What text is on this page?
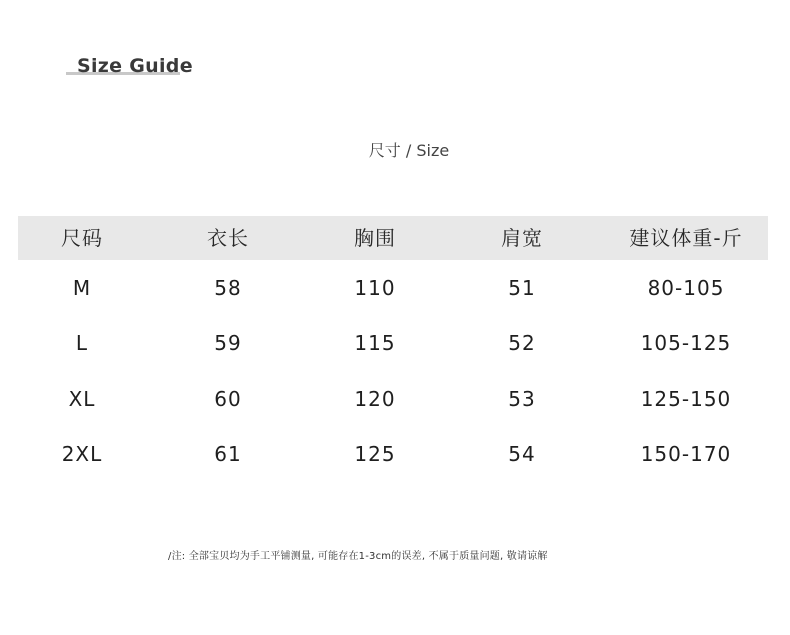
Size Guide
尺寸 / Size
尺码	衣长	胸围	肩宽	建议体重-斤
M	58	110	51	80-105
L	59	115	52	105-125
XL	60	120	53	125-150
2XL	61	125	54	150-170
/注: 全部宝贝均为手工平铺测量, 可能存在1-3cm的误差, 不属于质量问题, 敬请谅解
